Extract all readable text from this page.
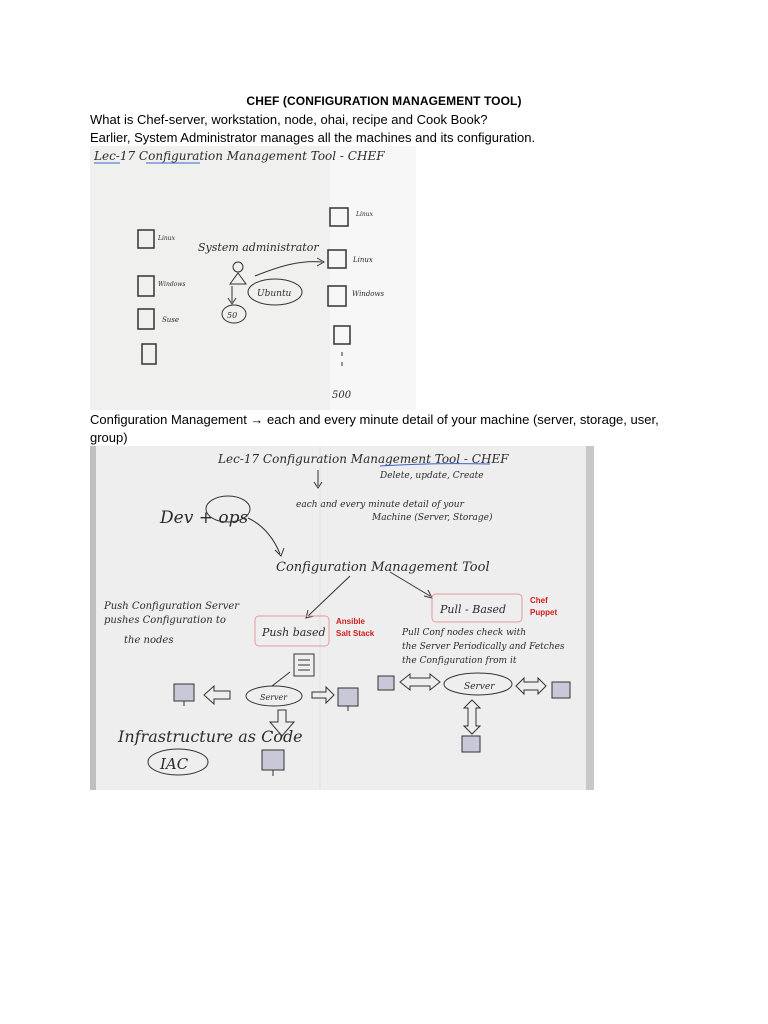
CHEF (CONFIGURATION MANAGEMENT TOOL)
What is Chef-server, workstation, node, ohai, recipe and Cook Book?
Earlier, System Administrator manages all the machines and its configuration.
Lec-17 Configuration Management Tool - CHEF
Linux
Windows
Suse
System administrator
50
Ubuntu
Linux
Linux
Windows
500
Configuration Management → each and every minute detail of your machine (server, storage, user,
group)
Lec-17 Configuration Management Tool - CHEF
Delete, update, Create
each and every minute detail of your
Machine (Server, Storage)
Dev + ops
Configuration Management Tool
Push Configuration Server
pushes Configuration to
the nodes
Push based
Ansible
Salt Stack
Pull - Based
Chef
Puppet
Pull Conf nodes check with
the Server Periodically and Fetches
the Configuration from it
Server
Infrastructure as Code
IAC
Server
